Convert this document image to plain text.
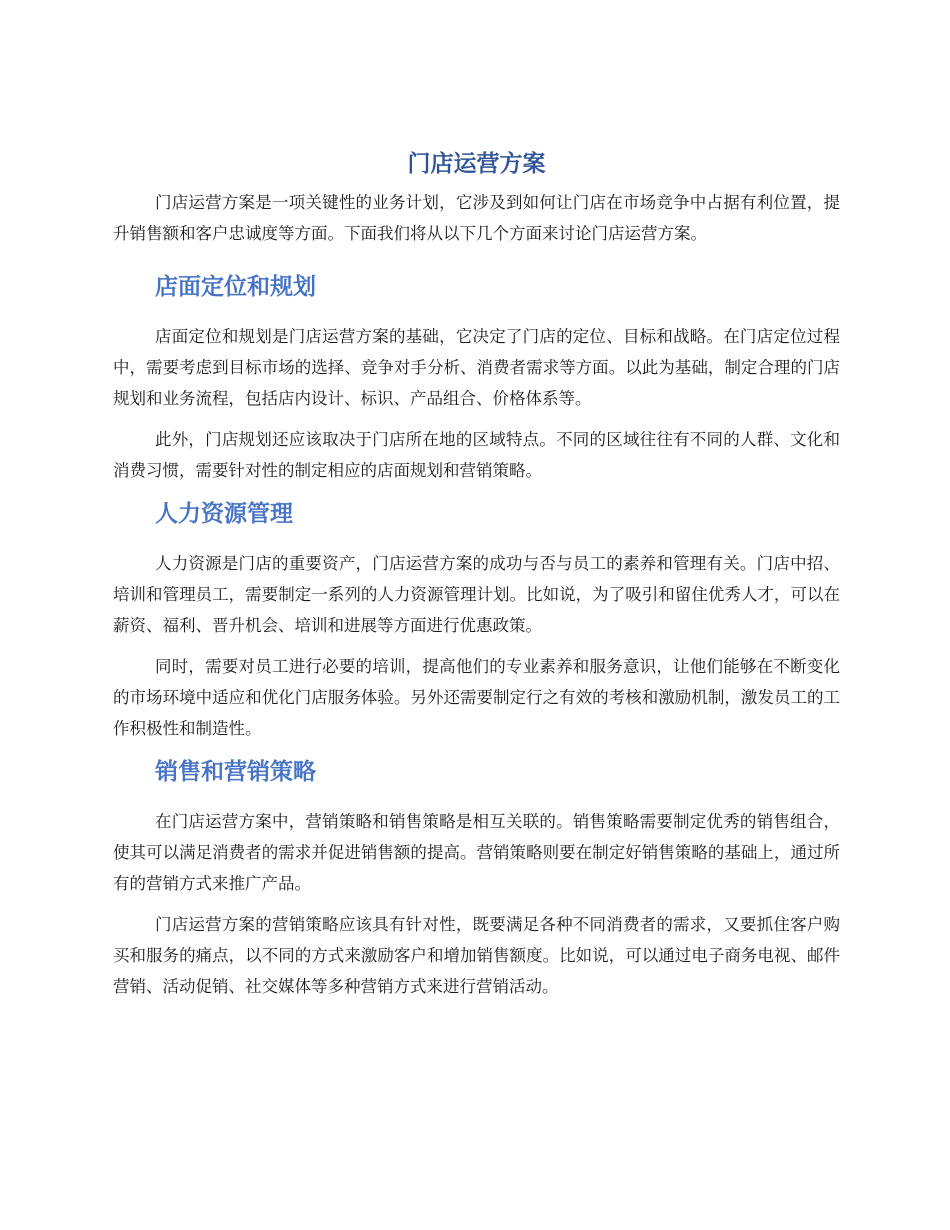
门店运营方案

门店运营方案是一项关键性的业务计划，它涉及到如何让门店在市场竞争中占据有利位置，提升销售额和客户忠诚度等方面。下面我们将从以下几个方面来讨论门店运营方案。

店面定位和规划

店面定位和规划是门店运营方案的基础，它决定了门店的定位、目标和战略。在门店定位过程中，需要考虑到目标市场的选择、竞争对手分析、消费者需求等方面。以此为基础，制定合理的门店规划和业务流程，包括店内设计、标识、产品组合、价格体系等。

此外，门店规划还应该取决于门店所在地的区域特点。不同的区域往往有不同的人群、文化和消费习惯，需要针对性的制定相应的店面规划和营销策略。

人力资源管理

人力资源是门店的重要资产，门店运营方案的成功与否与员工的素养和管理有关。门店中招、培训和管理员工，需要制定一系列的人力资源管理计划。比如说，为了吸引和留住优秀人才，可以在薪资、福利、晋升机会、培训和进展等方面进行优惠政策。

同时，需要对员工进行必要的培训，提高他们的专业素养和服务意识，让他们能够在不断变化的市场环境中适应和优化门店服务体验。另外还需要制定行之有效的考核和激励机制，激发员工的工作积极性和制造性。

销售和营销策略

在门店运营方案中，营销策略和销售策略是相互关联的。销售策略需要制定优秀的销售组合，使其可以满足消费者的需求并促进销售额的提高。营销策略则要在制定好销售策略的基础上，通过所有的营销方式来推广产品。

门店运营方案的营销策略应该具有针对性，既要满足各种不同消费者的需求，又要抓住客户购买和服务的痛点，以不同的方式来激励客户和增加销售额度。比如说，可以通过电子商务电视、邮件营销、活动促销、社交媒体等多种营销方式来进行营销活动。
